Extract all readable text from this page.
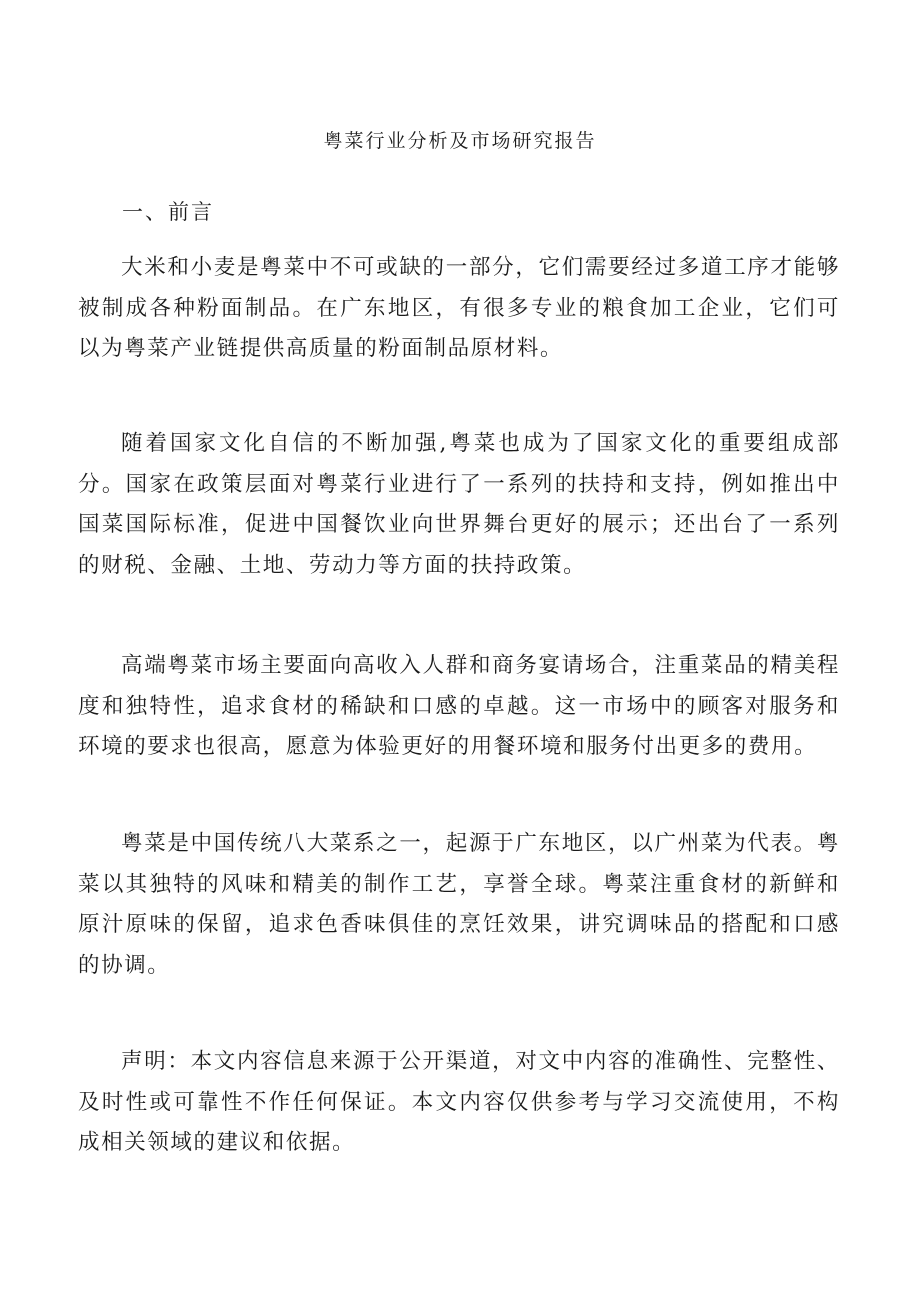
粤菜行业分析及市场研究报告
一、前言

大米和小麦是粤菜中不可或缺的一部分，它们需要经过多道工序才能够被制成各种粉面制品。在广东地区，有很多专业的粮食加工企业，它们可以为粤菜产业链提供高质量的粉面制品原材料。

随着国家文化自信的不断加强,粤菜也成为了国家文化的重要组成部分。国家在政策层面对粤菜行业进行了一系列的扶持和支持，例如推出中国菜国际标准，促进中国餐饮业向世界舞台更好的展示；还出台了一系列的财税、金融、土地、劳动力等方面的扶持政策。

高端粤菜市场主要面向高收入人群和商务宴请场合，注重菜品的精美程度和独特性，追求食材的稀缺和口感的卓越。这一市场中的顾客对服务和环境的要求也很高，愿意为体验更好的用餐环境和服务付出更多的费用。

粤菜是中国传统八大菜系之一，起源于广东地区，以广州菜为代表。粤菜以其独特的风味和精美的制作工艺，享誉全球。粤菜注重食材的新鲜和原汁原味的保留，追求色香味俱佳的烹饪效果，讲究调味品的搭配和口感的协调。

声明：本文内容信息来源于公开渠道，对文中内容的准确性、完整性、及时性或可靠性不作任何保证。本文内容仅供参考与学习交流使用，不构成相关领域的建议和依据。
